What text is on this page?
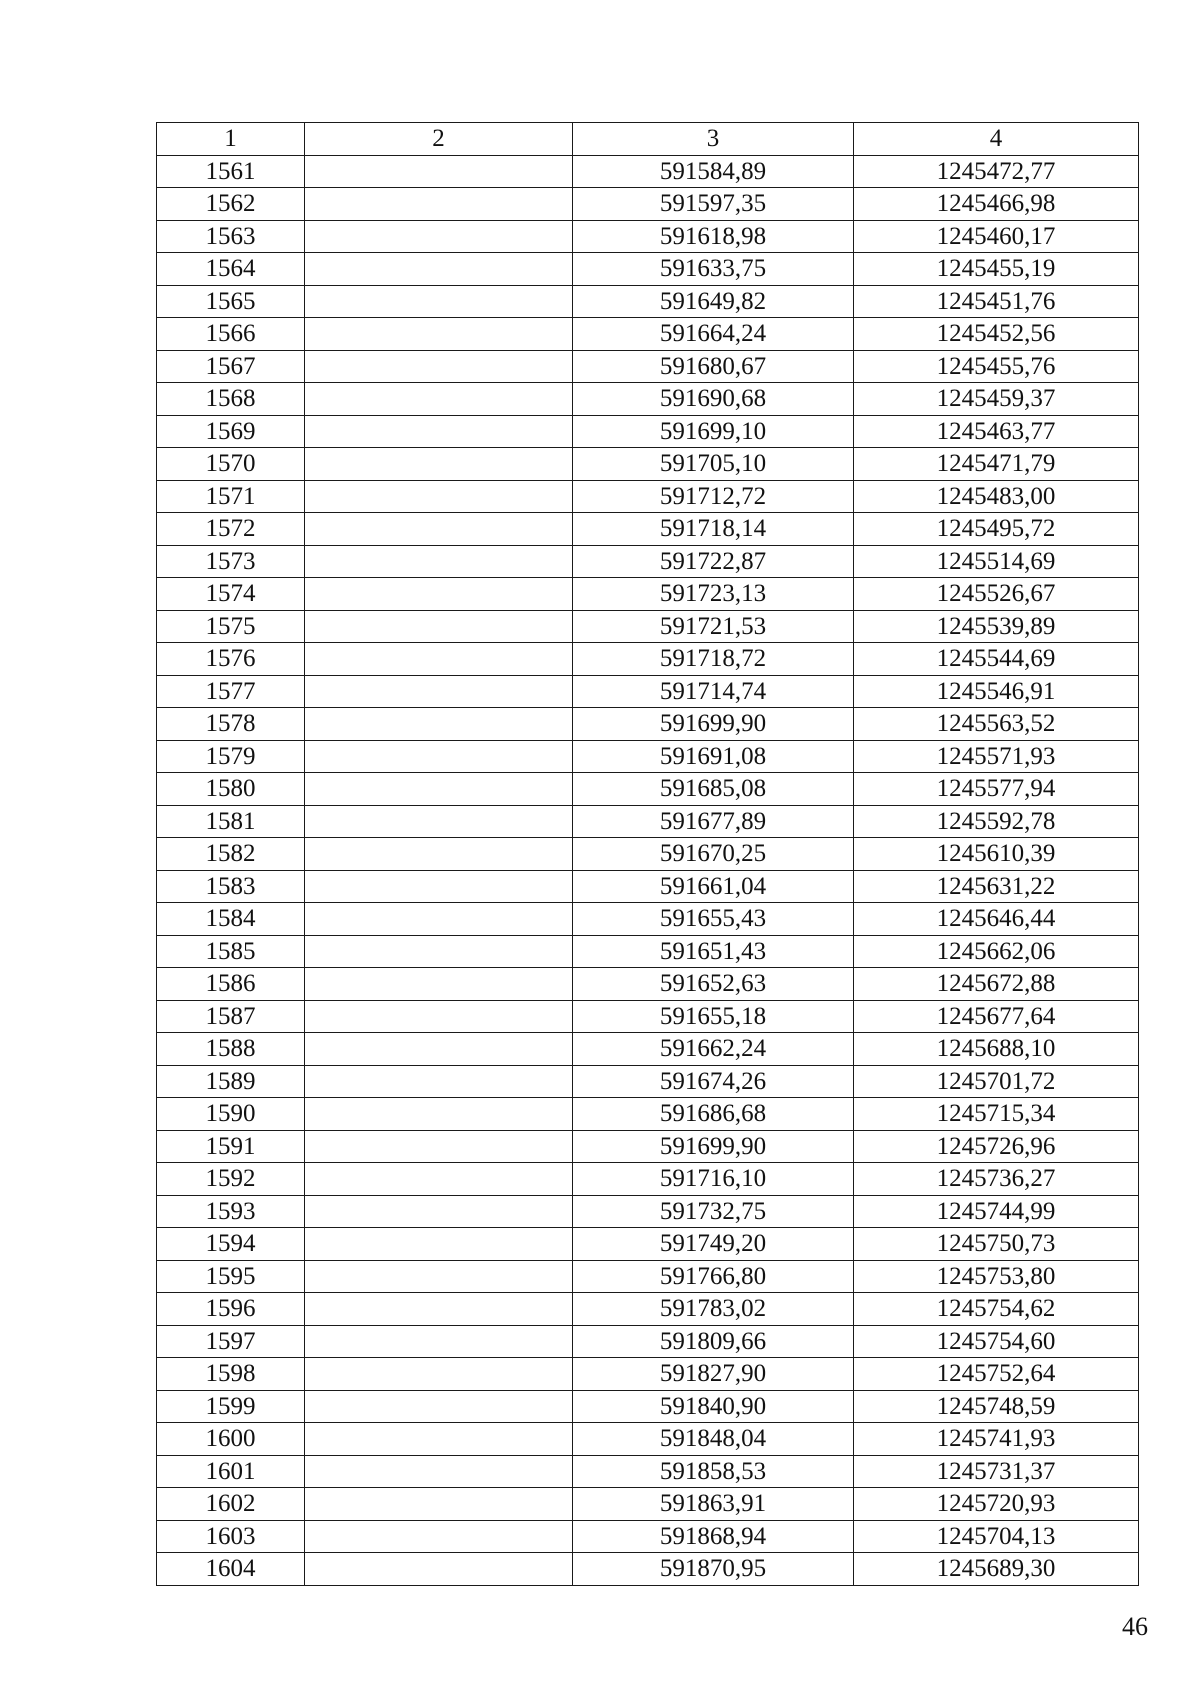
1	2	3	4
1561		591584,89	1245472,77
1562		591597,35	1245466,98
1563		591618,98	1245460,17
1564		591633,75	1245455,19
1565		591649,82	1245451,76
1566		591664,24	1245452,56
1567		591680,67	1245455,76
1568		591690,68	1245459,37
1569		591699,10	1245463,77
1570		591705,10	1245471,79
1571		591712,72	1245483,00
1572		591718,14	1245495,72
1573		591722,87	1245514,69
1574		591723,13	1245526,67
1575		591721,53	1245539,89
1576		591718,72	1245544,69
1577		591714,74	1245546,91
1578		591699,90	1245563,52
1579		591691,08	1245571,93
1580		591685,08	1245577,94
1581		591677,89	1245592,78
1582		591670,25	1245610,39
1583		591661,04	1245631,22
1584		591655,43	1245646,44
1585		591651,43	1245662,06
1586		591652,63	1245672,88
1587		591655,18	1245677,64
1588		591662,24	1245688,10
1589		591674,26	1245701,72
1590		591686,68	1245715,34
1591		591699,90	1245726,96
1592		591716,10	1245736,27
1593		591732,75	1245744,99
1594		591749,20	1245750,73
1595		591766,80	1245753,80
1596		591783,02	1245754,62
1597		591809,66	1245754,60
1598		591827,90	1245752,64
1599		591840,90	1245748,59
1600		591848,04	1245741,93
1601		591858,53	1245731,37
1602		591863,91	1245720,93
1603		591868,94	1245704,13
1604		591870,95	1245689,30
46
